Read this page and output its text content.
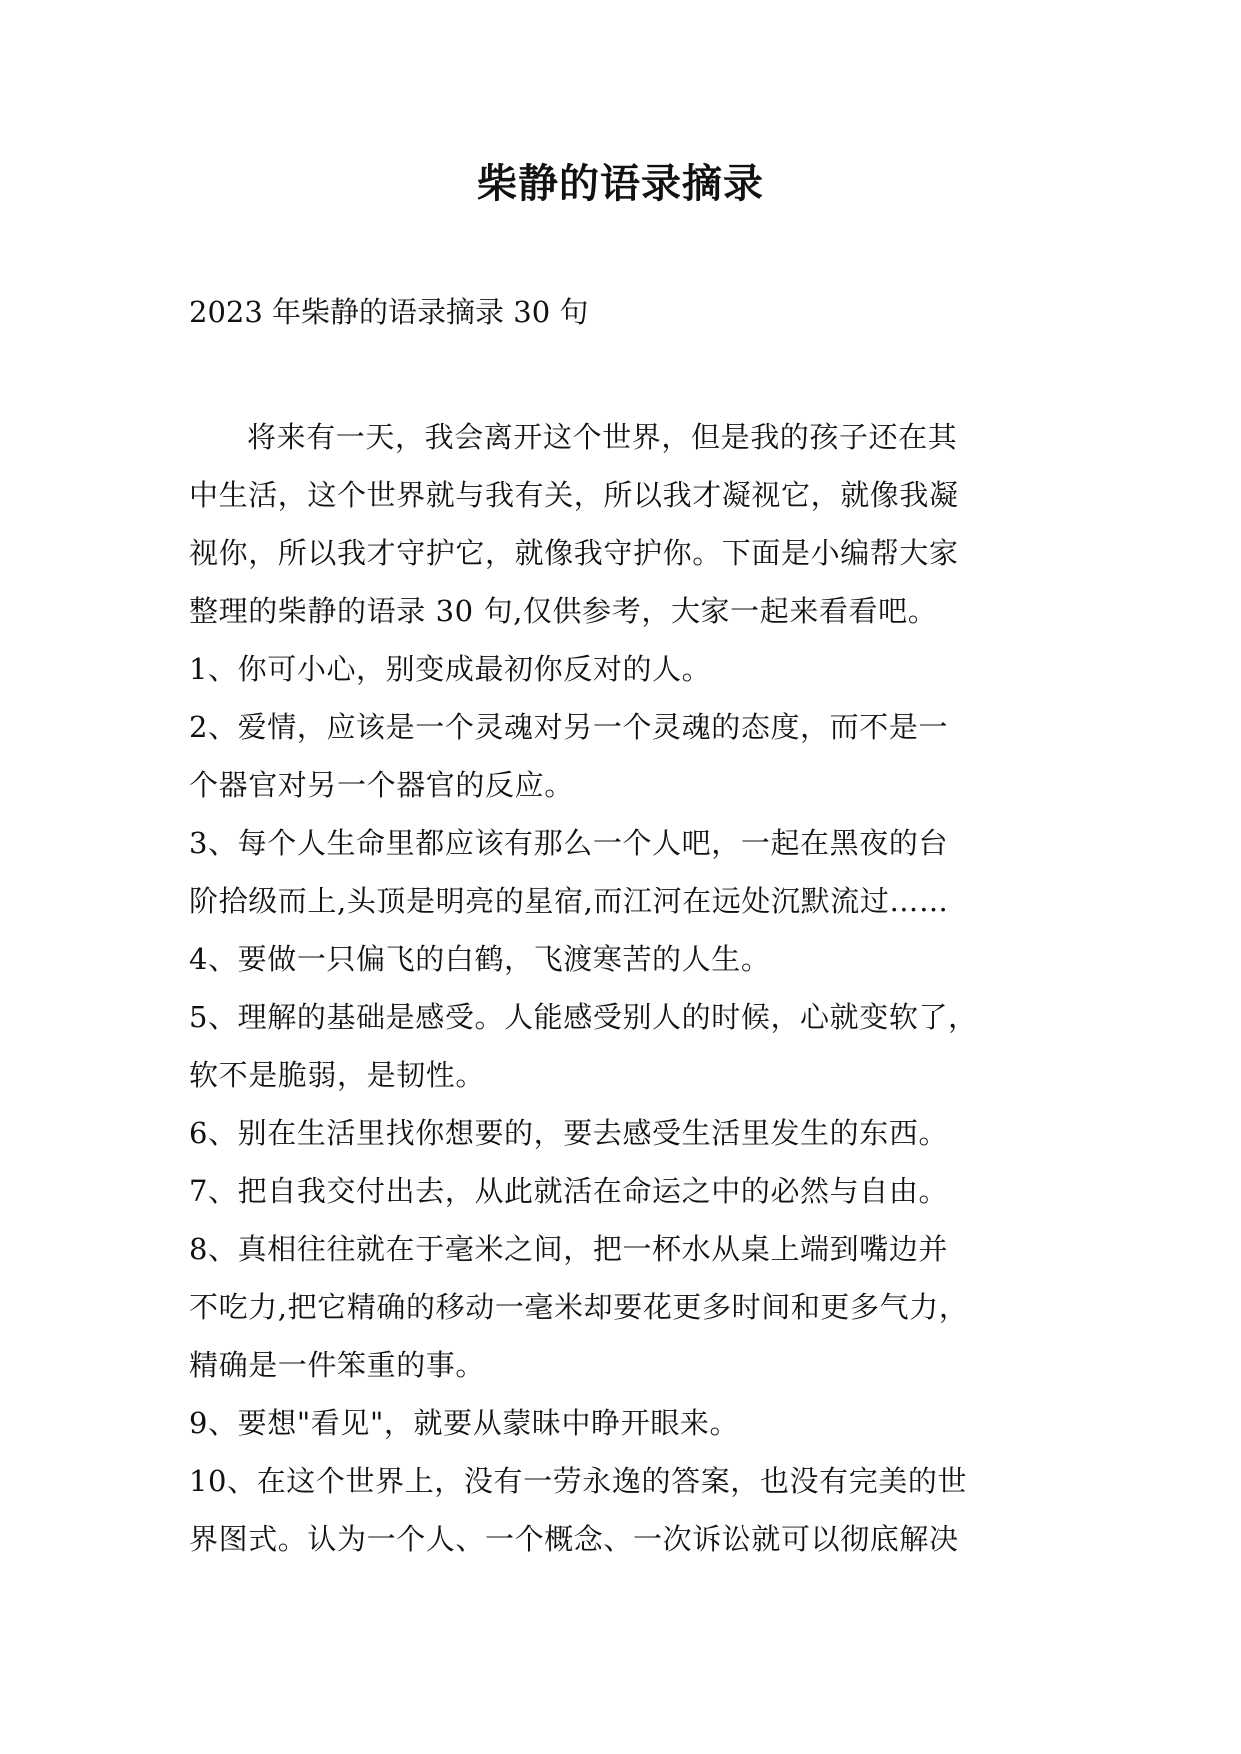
柴静的语录摘录
2023 年柴静的语录摘录 30 句
将来有一天，我会离开这个世界，但是我的孩子还在其
中生活，这个世界就与我有关，所以我才凝视它，就像我凝
视你，所以我才守护它，就像我守护你。下面是小编帮大家
整理的柴静的语录 30 句,仅供参考，大家一起来看看吧。
1、你可小心，别变成最初你反对的人。
2、爱情，应该是一个灵魂对另一个灵魂的态度，而不是一
个器官对另一个器官的反应。
3、每个人生命里都应该有那么一个人吧，一起在黑夜的台
阶拾级而上,头顶是明亮的星宿,而江河在远处沉默流过……
4、要做一只偏飞的白鹤，飞渡寒苦的人生。
5、理解的基础是感受。人能感受别人的时候，心就变软了，
软不是脆弱，是韧性。
6、别在生活里找你想要的，要去感受生活里发生的东西。
7、把自我交付出去，从此就活在命运之中的必然与自由。
8、真相往往就在于毫米之间，把一杯水从桌上端到嘴边并
不吃力,把它精确的移动一毫米却要花更多时间和更多气力，
精确是一件笨重的事。
9、要想"看见"，就要从蒙昧中睁开眼来。
10、在这个世界上，没有一劳永逸的答案，也没有完美的世
界图式。认为一个人、一个概念、一次诉讼就可以彻底解决
